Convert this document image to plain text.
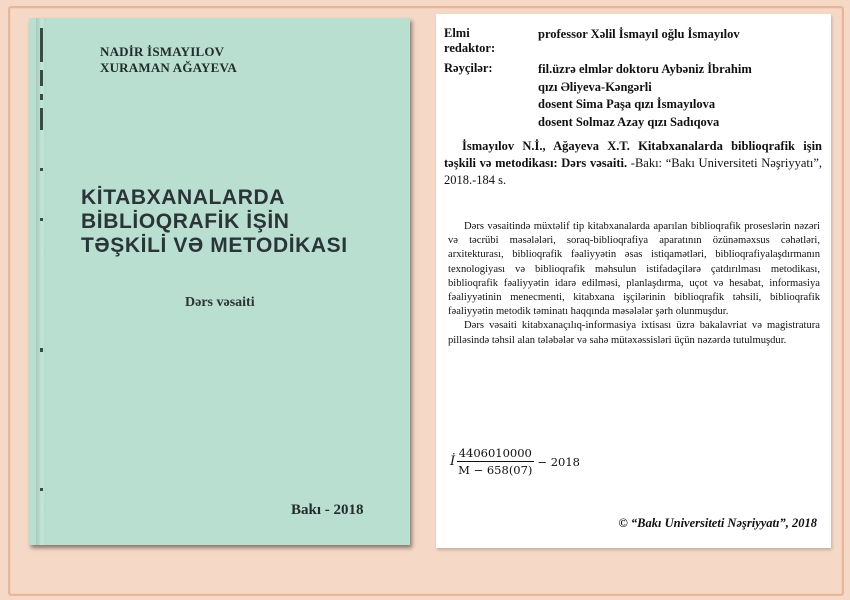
NADİR İSMAYILOV
XURAMAN AĞAYEVA
KİTABXANALARDA
BİBLİOQRAFİK İŞİN
TƏŞKİLİ VƏ METODİKASI
Dərs vəsaiti
Bakı - 2018
Elmi redaktor:
professor Xəlil İsmayıl oğlu İsmayılov
Rəyçilər:	fil.üzrə elmlər doktoru Aybəniz İbrahim
qızı Əliyeva-Kəngərli
dosent Sima Paşa qızı İsmayılova
dosent Solmaz Azay qızı Sadıqova
İsmayılov N.İ., Ağayeva X.T. Kitabxanalarda biblioqrafik işin təşkili və metodikası: Dərs vəsaiti. -Bakı: “Bakı Universiteti Nəşriyyatı”, 2018.-184 s.

Dərs vəsaitində müxtəlif tip kitabxanalarda aparılan biblioqrafik proseslərin nəzəri və təcrübi məsələləri, soraq-biblioqrafiya aparatının özünəməxsus cəhətləri, arxitekturası, biblioqrafik fəaliyyətin əsas istiqamətləri, biblioqrafiyalaşdırmanın texnologiyası və biblioqrafik məhsulun istifadəçilərə çatdırılması metodikası, biblioqrafik fəaliyyətin idarə edilməsi, planlaşdırma, uçot və hesabat, informasiya fəaliyyətinin menecmenti, kitabxana işçilərinin biblioqrafik təhsili, biblioqrafik fəaliyyətin metodik təminatı haqqında məsələlər şərh olunmuşdur.

Dərs vəsaiti kitabxanaçılıq-informasiya ixtisası üzrə bakalavriat və magistratura pilləsində təhsil alan tələbələr və sahə mütəxəssisləri üçün nəzərdə tutulmuşdur.

İ $\frac{4406010000}{M - 658(07)} - 2018$
© “Bakı Universiteti Nəşriyyatı”, 2018
